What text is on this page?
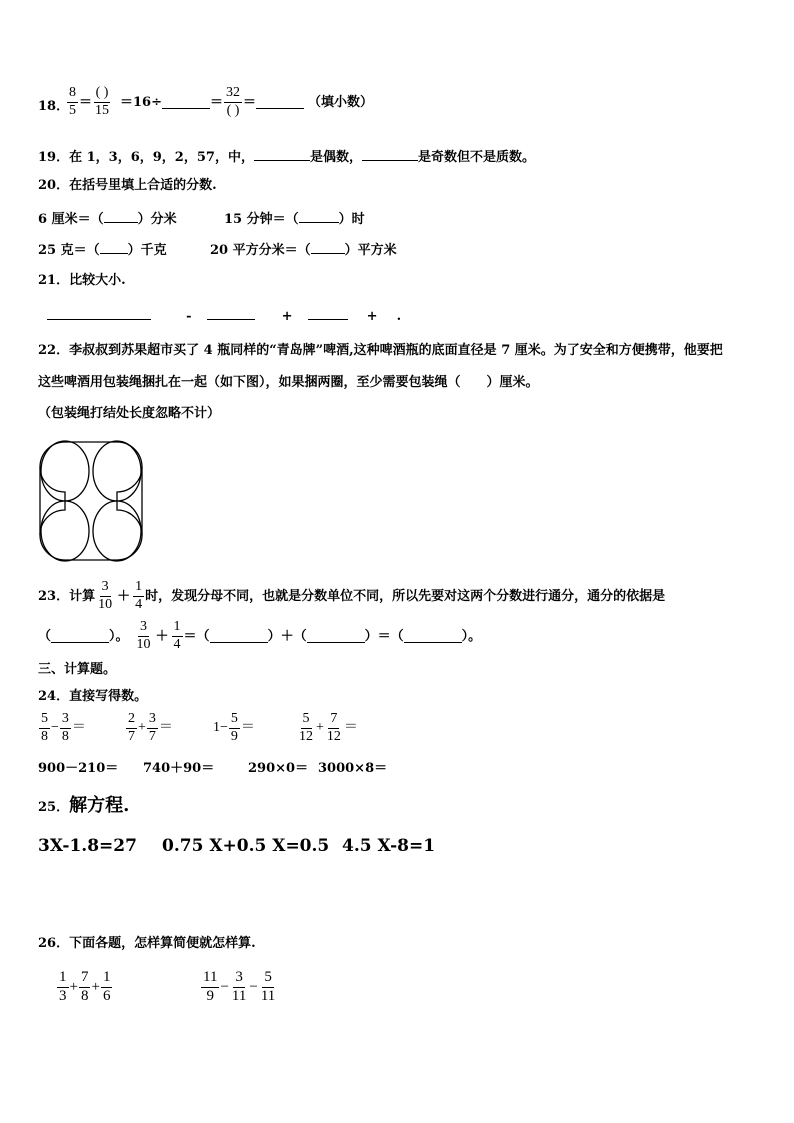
18．
$\frac{8}{5} = \frac{( )}{15} =16\div$	＝ $\frac{32}{( )}$ ＝	（填小数）
19．在 1，3，6，9，2，57，中，	是偶数，	是奇数但不是质数。
20．在括号里填上合适的分数.
6 厘米＝（	）分米	15 分钟＝（	）时
25 克＝（ ）千克	20 平方分米＝（	）平方米
21．比较大小.
-	+	+ .
22．李叔叔到苏果超市买了 4 瓶同样的“青岛牌”啤酒,这种啤酒瓶的底面直径是 7 厘米。为了安全和方便携带，他要把
这些啤酒用包装绳捆扎在一起（如下图），如果捆两圈，至少需要包装绳（　　）厘米。
（包装绳打结处长度忽略不计）
23． 计算 $\frac{3}{10} + \frac{1}{4}$ 时，发现分母不同，也就是分数单位不同，所以先要对这两个分数进行通分，通分的依据是
（	）。 $\frac{3}{10} + \frac{1}{4}$ ＝（	）＋（	）＝（	）。
三、计算题。
24．直接写得数。
$\frac{5}{8} - \frac{3}{8}$ ＝	$\frac{2}{7} + \frac{3}{7}$ ＝	$1- \frac{5}{9}$ ＝	$\frac{5}{12} + \frac{7}{12}$ ＝
900－210＝ 740＋90＝	290×0＝ 3000×8＝
25． 解方程.
3X-1.8=27 0.75 X+0.5 X=0.5 4.5 X-8=1
26．下面各题，怎样算简便就怎样算.
$\frac{1}{3} + \frac{7}{8} + \frac{1}{6}$	$\frac{11}{9} - \frac{3}{11} - \frac{5}{11}$
